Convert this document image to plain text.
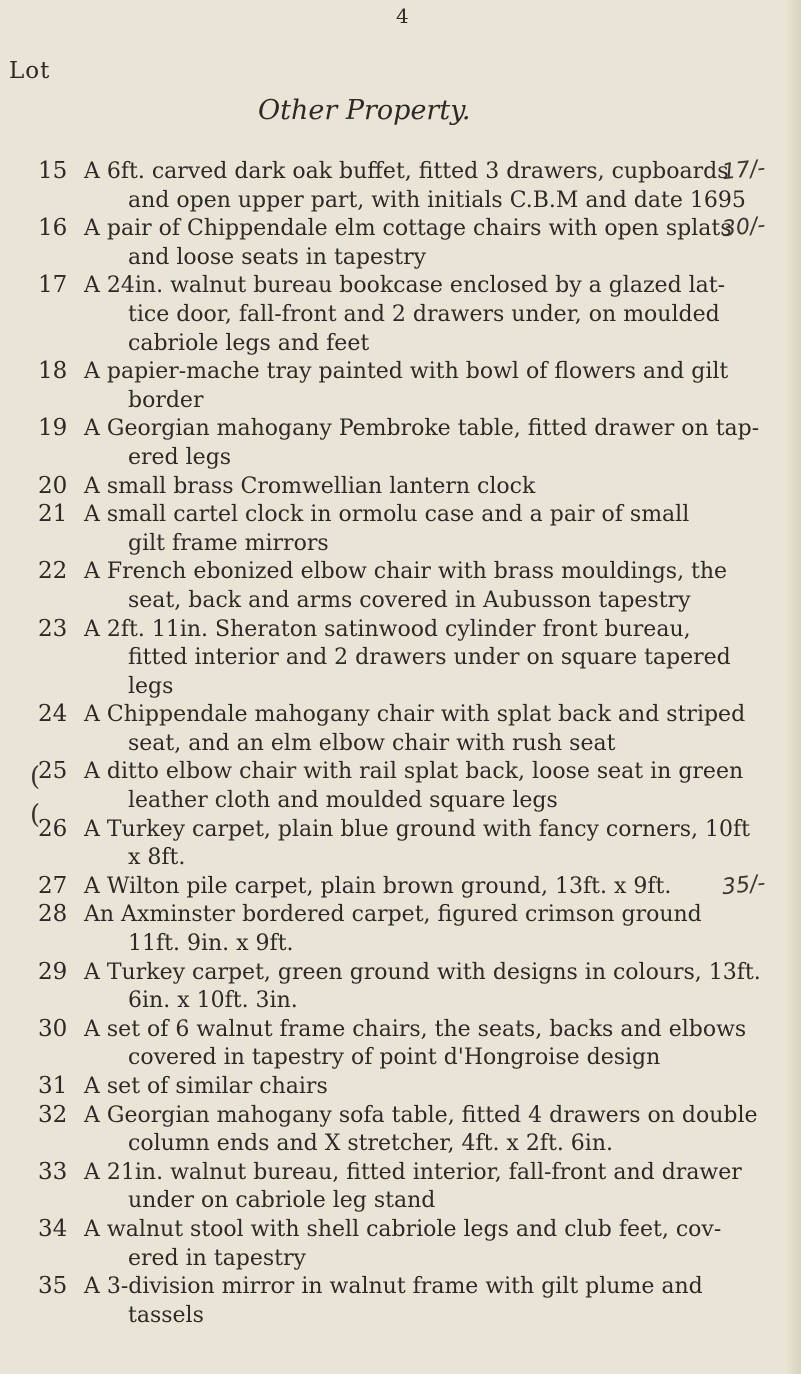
4
Lot
Other Property.
15 A 6ft. carved dark oak buffet, fitted 3 drawers, cupboards
and open upper part, with initials C.B.M and date 1695
17/-
16 A pair of Chippendale elm cottage chairs with open splats
and loose seats in tapestry
30/-
17 A 24in. walnut bureau bookcase enclosed by a glazed lat-
tice door, fall-front and 2 drawers under, on moulded
cabriole legs and feet
18 A papier-mache tray painted with bowl of flowers and gilt
border
19 A Georgian mahogany Pembroke table, fitted drawer on tap-
ered legs
20 A small brass Cromwellian lantern clock
21 A small cartel clock in ormolu case and a pair of small
gilt frame mirrors
22 A French ebonized elbow chair with brass mouldings, the
seat, back and arms covered in Aubusson tapestry
23 A 2ft. 11in. Sheraton satinwood cylinder front bureau,
fitted interior and 2 drawers under on square tapered
legs
24 A Chippendale mahogany chair with splat back and striped
seat, and an elm elbow chair with rush seat
25 A ditto elbow chair with rail splat back, loose seat in green
leather cloth and moulded square legs
26 A Turkey carpet, plain blue ground with fancy corners, 10ft
x 8ft.
27 A Wilton pile carpet, plain brown ground, 13ft. x 9ft. 35/-
28 An Axminster bordered carpet, figured crimson ground
11ft. 9in. x 9ft.
29 A Turkey carpet, green ground with designs in colours, 13ft.
6in. x 10ft. 3in.
30 A set of 6 walnut frame chairs, the seats, backs and elbows
covered in tapestry of point d'Hongroise design
31 A set of similar chairs
32 A Georgian mahogany sofa table, fitted 4 drawers on double
column ends and X stretcher, 4ft. x 2ft. 6in.
33 A 21in. walnut bureau, fitted interior, fall-front and drawer
under on cabriole leg stand
34 A walnut stool with shell cabriole legs and club feet, cov-
ered in tapestry
35 A 3-division mirror in walnut frame with gilt plume and
tassels
(
(
